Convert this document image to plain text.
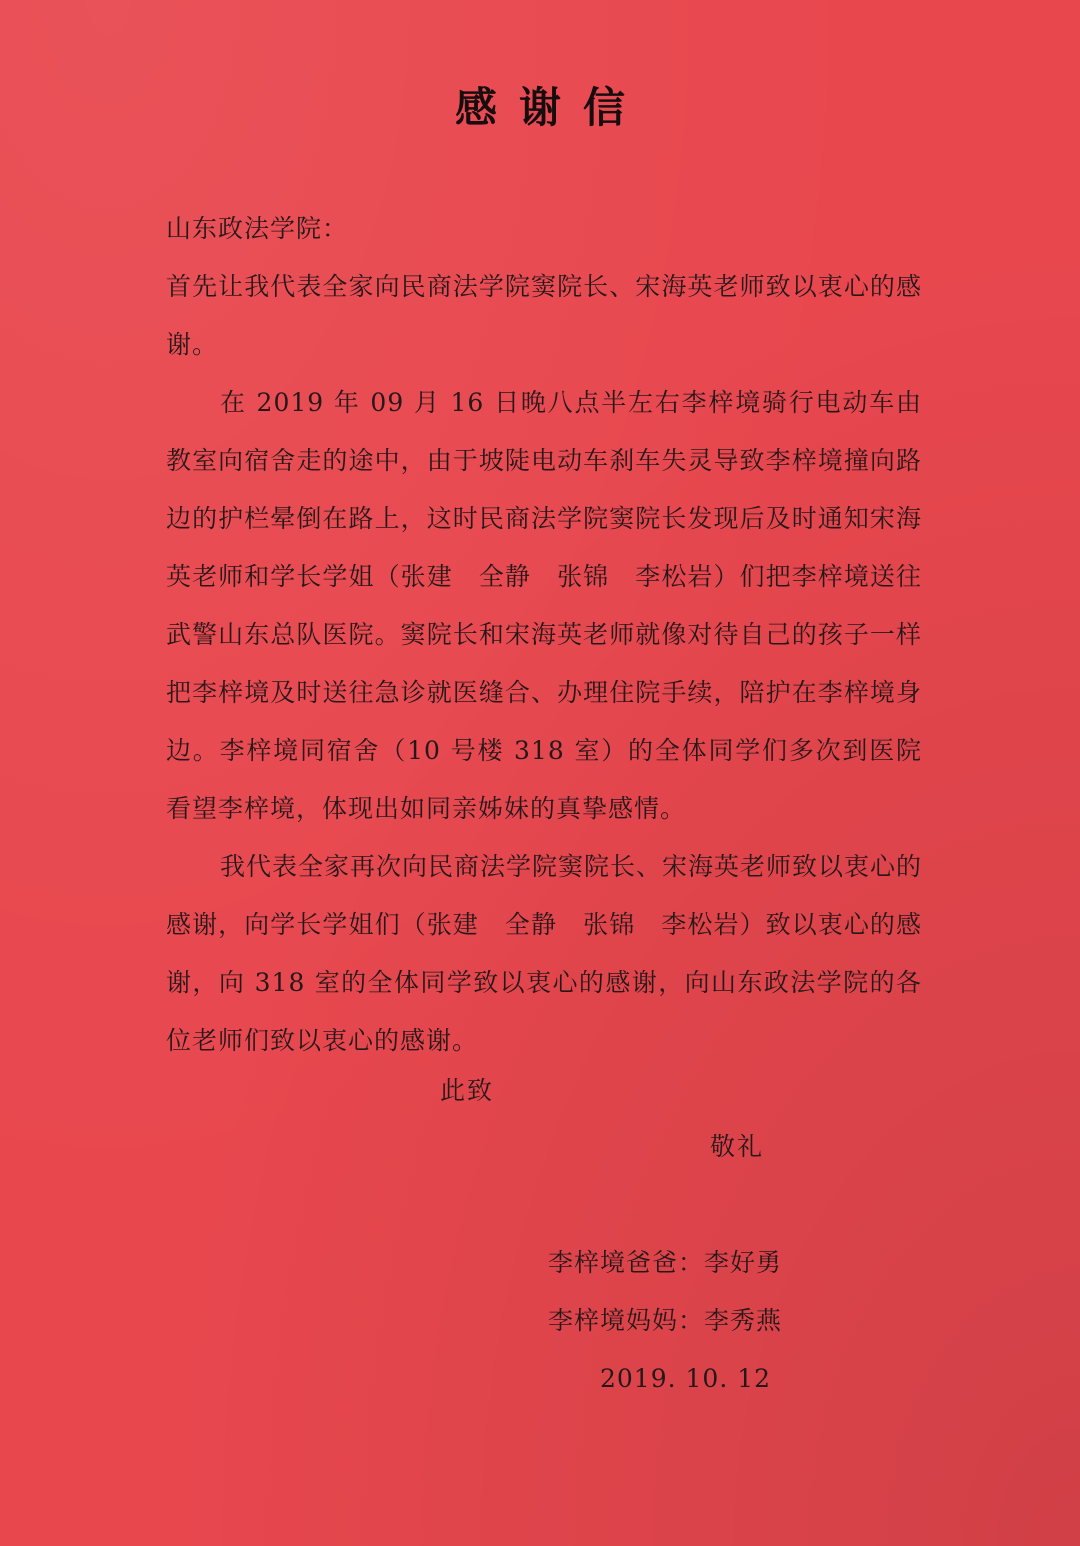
感谢信

山东政法学院：

首先让我代表全家向民商法学院窦院长、宋海英老师致以衷心的感谢。

在 2019 年 09 月 16 日晚八点半左右李梓境骑行电动车由教室向宿舍走的途中，由于坡陡电动车刹车失灵导致李梓境撞向路边的护栏晕倒在路上，这时民商法学院窦院长发现后及时通知宋海英老师和学长学姐（张建　全静　张锦　李松岩）们把李梓境送往武警山东总队医院。窦院长和宋海英老师就像对待自己的孩子一样把李梓境及时送往急诊就医缝合、办理住院手续，陪护在李梓境身边。李梓境同宿舍（10 号楼 318 室）的全体同学们多次到医院看望李梓境，体现出如同亲姊妹的真挚感情。

我代表全家再次向民商法学院窦院长、宋海英老师致以衷心的感谢，向学长学姐们（张建　全静　张锦　李松岩）致以衷心的感谢，向 318 室的全体同学致以衷心的感谢，向山东政法学院的各位老师们致以衷心的感谢。

此致
敬礼
李梓境爸爸：李好勇
李梓境妈妈：李秀燕
2019. 10. 12
